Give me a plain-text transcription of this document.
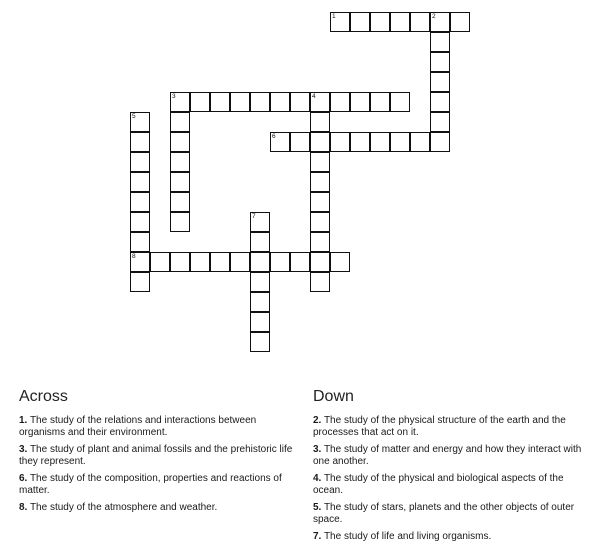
1	2
3	4
5
6
7
8
Across
1. The study of the relations and interactions between organisms and their environment.
3. The study of plant and animal fossils and the prehistoric life they represent.
6. The study of the composition, properties and reactions of matter.
8. The study of the atmosphere and weather.
Down
2. The study of the physical structure of the earth and the processes that act on it.
3. The study of matter and energy and how they interact with one another.
4. The study of the physical and biological aspects of the ocean.
5. The study of stars, planets and the other objects of outer space.
7. The study of life and living organisms.
